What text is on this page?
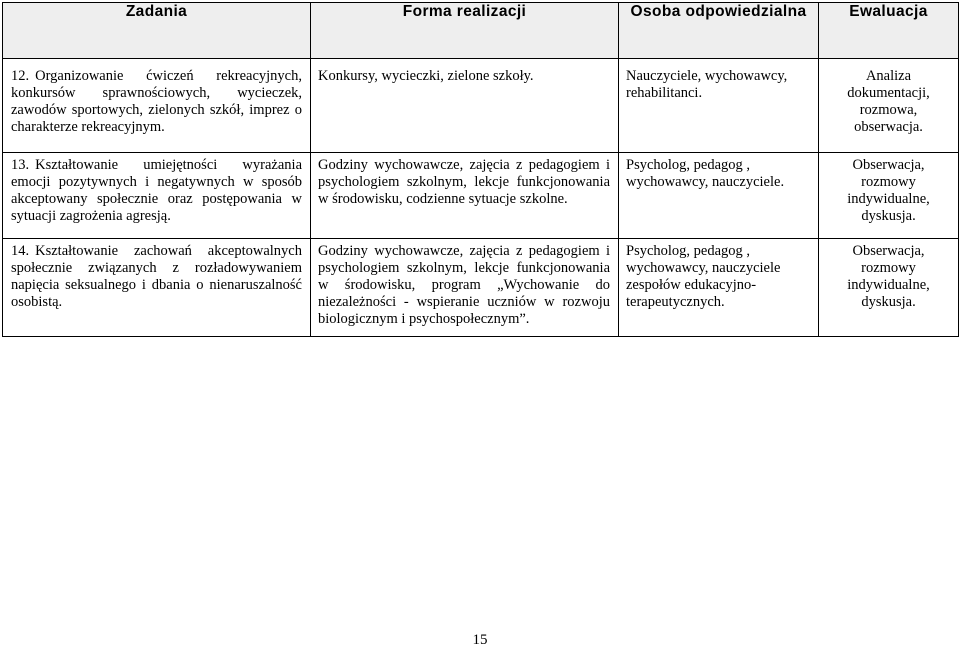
Zadania	Forma realizacji	Osoba odpowiedzialna	Ewaluacja
12. Organizowanie ćwiczeń rekreacyjnych, konkursów sprawnościowych, wycieczek, zawodów sportowych, zielonych szkół, imprez o charakterze rekreacyjnym.	Konkursy, wycieczki, zielone szkoły.	Nauczyciele, wychowawcy, rehabilitanci.	Analiza dokumentacji, rozmowa, obserwacja.
13. Kształtowanie umiejętności wyrażania emocji pozytywnych i negatywnych w sposób akceptowany społecznie oraz postępowania w sytuacji zagrożenia agresją.	Godziny wychowawcze, zajęcia z pedagogiem i psychologiem szkolnym, lekcje funkcjonowania w środowisku, codzienne sytuacje szkolne.	Psycholog, pedagog , wychowawcy, nauczyciele.	Obserwacja, rozmowy indywidualne, dyskusja.
14. Kształtowanie zachowań akceptowalnych społecznie związanych z rozładowywaniem napięcia seksualnego i dbania o nienaruszalność osobistą.	Godziny wychowawcze, zajęcia z pedagogiem i psychologiem szkolnym, lekcje funkcjonowania w środowisku, program „Wychowanie do niezależności - wspieranie uczniów w rozwoju biologicznym i psychospołecznym”.	Psycholog, pedagog , wychowawcy, nauczyciele zespołów edukacyjno-terapeutycznych.	Obserwacja, rozmowy indywidualne, dyskusja.
15
